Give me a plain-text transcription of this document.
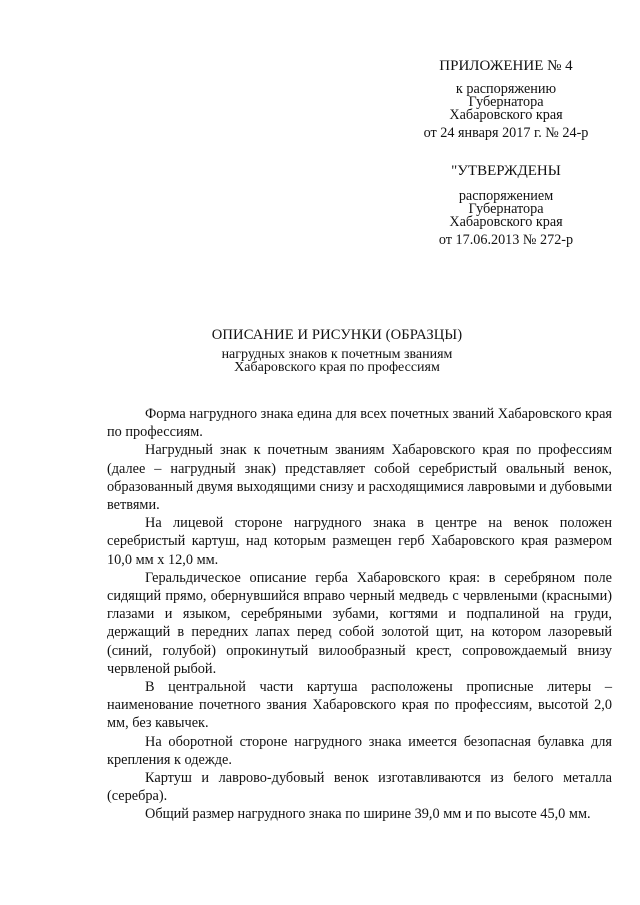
ПРИЛОЖЕНИЕ № 4
к распоряжению
Губернатора
Хабаровского края
от 24 января 2017 г. № 24-р
"УТВЕРЖДЕНЫ
распоряжением
Губернатора
Хабаровского края
от 17.06.2013 № 272-р
ОПИСАНИЕ И РИСУНКИ (ОБРАЗЦЫ)
нагрудных знаков к почетным званиям
Хабаровского края по профессиям

Форма нагрудного знака едина для всех почетных званий Хабаровского края по профессиям.

Нагрудный знак к почетным званиям Хабаровского края по профессиям (далее – нагрудный знак) представляет собой серебристый овальный венок, образованный двумя выходящими снизу и расходящимися лавровыми и дубовыми ветвями.

На лицевой стороне нагрудного знака в центре на венок положен серебристый картуш, над которым размещен герб Хабаровского края размером 10,0 мм х 12,0 мм.

Геральдическое описание герба Хабаровского края: в серебряном поле сидящий прямо, обернувшийся вправо черный медведь с червлеными (красными) глазами и языком, серебряными зубами, когтями и подпалиной на груди, держащий в передних лапах перед собой золотой щит, на котором лазоревый (синий, голубой) опрокинутый вилообразный крест, сопровождаемый внизу червленой рыбой.

В центральной части картуша расположены прописные литеры – наименование почетного звания Хабаровского края по профессиям, высотой 2,0 мм, без кавычек.

На оборотной стороне нагрудного знака имеется безопасная булавка для крепления к одежде.

Картуш и лаврово-дубовый венок изготавливаются из белого металла (серебра).

Общий размер нагрудного знака по ширине 39,0 мм и по высоте 45,0 мм.
